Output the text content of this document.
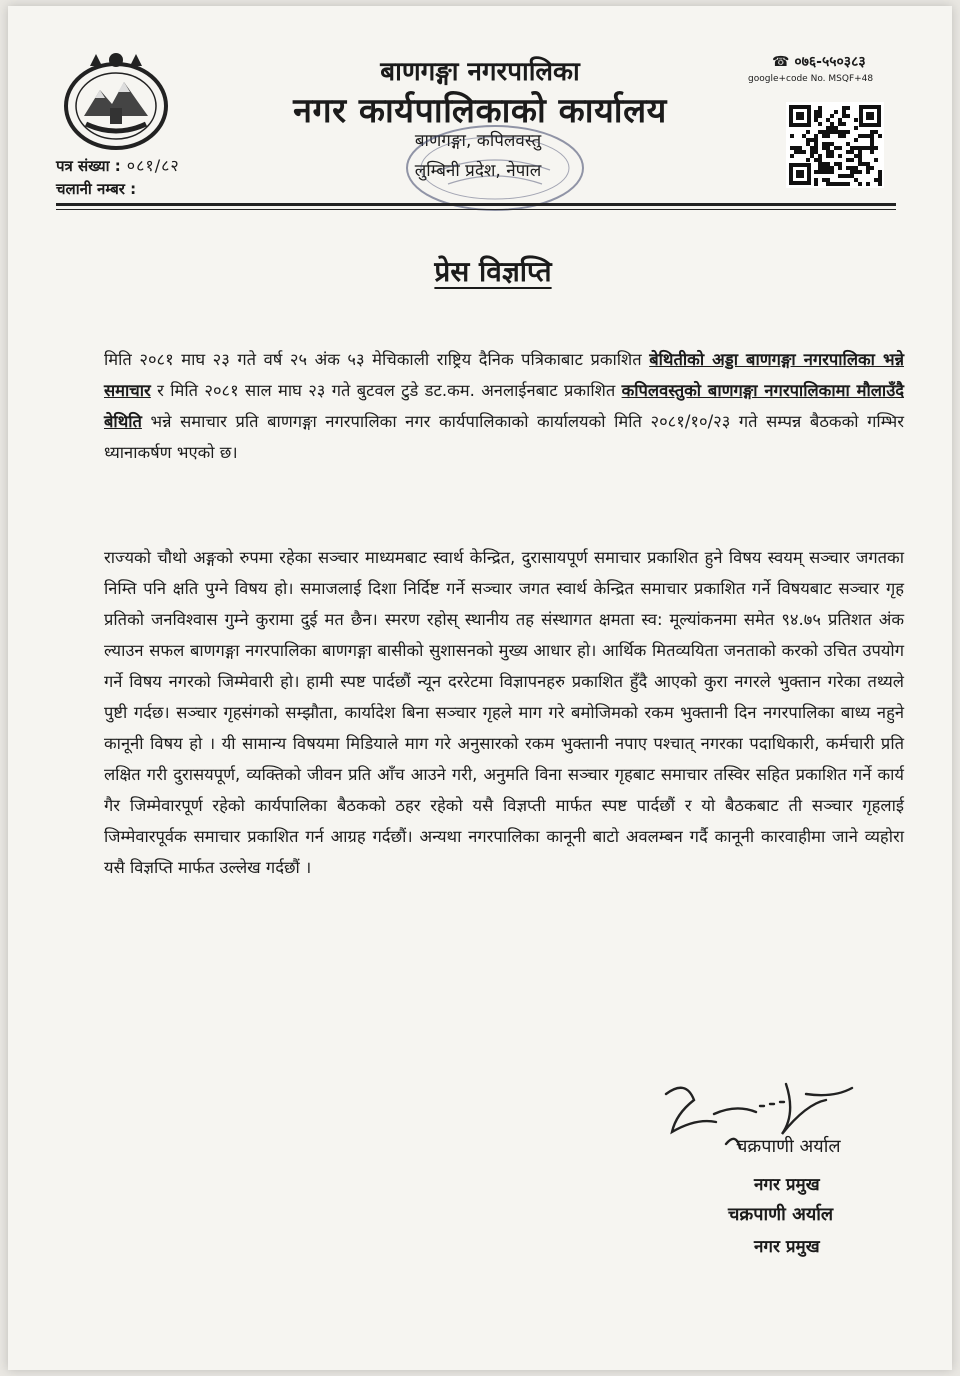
पत्र संख्या : ०८१/८२
चलानी नम्बर :
बाणगङ्गा नगरपालिका
नगर कार्यपालिकाको कार्यालय
बाणगङ्गा, कपिलवस्तु
लुम्बिनी प्रदेश, नेपाल
☎ ०७६-५५०३८३
google+code No. MSQF+48
प्रेस विज्ञप्ति

मिति २०८१ माघ २३ गते वर्ष २५ अंक ५३ मेचिकाली राष्ट्रिय दैनिक पत्रिकाबाट प्रकाशित बेथितीको अड्डा बाणगङ्गा नगरपालिका भन्ने समाचार र मिति २०८१ साल माघ २३ गते बुटवल टुडे डट.कम. अनलाईनबाट प्रकाशित कपिलवस्तुको बाणगङ्गा नगरपालिकामा मौलाउँदै बेथिति भन्ने समाचार प्रति बाणगङ्गा नगरपालिका नगर कार्यपालिकाको कार्यालयको मिति २०८१/१०/२३ गते सम्पन्न बैठकको गम्भिर ध्यानाकर्षण भएको छ।

राज्यको चौथो अङ्गको रुपमा रहेका सञ्चार माध्यमबाट स्वार्थ केन्द्रित, दुरासायपूर्ण समाचार प्रकाशित हुने विषय स्वयम् सञ्चार जगतका निम्ति पनि क्षति पुग्ने विषय हो। समाजलाई दिशा निर्दिष्ट गर्ने सञ्चार जगत स्वार्थ केन्द्रित समाचार प्रकाशित गर्ने विषयबाट सञ्चार गृह प्रतिको जनविश्वास गुम्ने कुरामा दुई मत छैन। स्मरण रहोस् स्थानीय तह संस्थागत क्षमता स्व: मूल्यांकनमा समेत ९४.७५ प्रतिशत अंक ल्याउन सफल बाणगङ्गा नगरपालिका बाणगङ्गा बासीको सुशासनको मुख्य आधार हो। आर्थिक मितव्ययिता जनताको करको उचित उपयोग गर्ने विषय नगरको जिम्मेवारी हो। हामी स्पष्ट पार्दछौं न्यून दररेटमा विज्ञापनहरु प्रकाशित हुँदै आएको कुरा नगरले भुक्तान गरेका तथ्यले पुष्टी गर्दछ। सञ्चार गृहसंगको सम्झौता, कार्यादेश बिना सञ्चार गृहले माग गरे बमोजिमको रकम भुक्तानी दिन नगरपालिका बाध्य नहुने कानूनी विषय हो । यी सामान्य विषयमा मिडियाले माग गरे अनुसारको रकम भुक्तानी नपाए पश्चात् नगरका पदाधिकारी, कर्मचारी प्रति लक्षित गरी दुरासयपूर्ण, व्यक्तिको जीवन प्रति आँच आउने गरी, अनुमति विना सञ्चार गृहबाट समाचार तस्विर सहित प्रकाशित गर्ने कार्य गैर जिम्मेवारपूर्ण रहेको कार्यपालिका बैठकको ठहर रहेको यसै विज्ञप्ती मार्फत स्पष्ट पार्दछौं र यो बैठकबाट ती सञ्चार गृहलाई जिम्मेवारपूर्वक समाचार प्रकाशित गर्न आग्रह गर्दछौं। अन्यथा नगरपालिका कानूनी बाटो अवलम्बन गर्दै कानूनी कारवाहीमा जाने व्यहोरा यसै विज्ञप्ति मार्फत उल्लेख गर्दछौं ।

चक्रपाणी अर्याल
नगर प्रमुख
चक्रपाणी अर्याल
नगर प्रमुख
